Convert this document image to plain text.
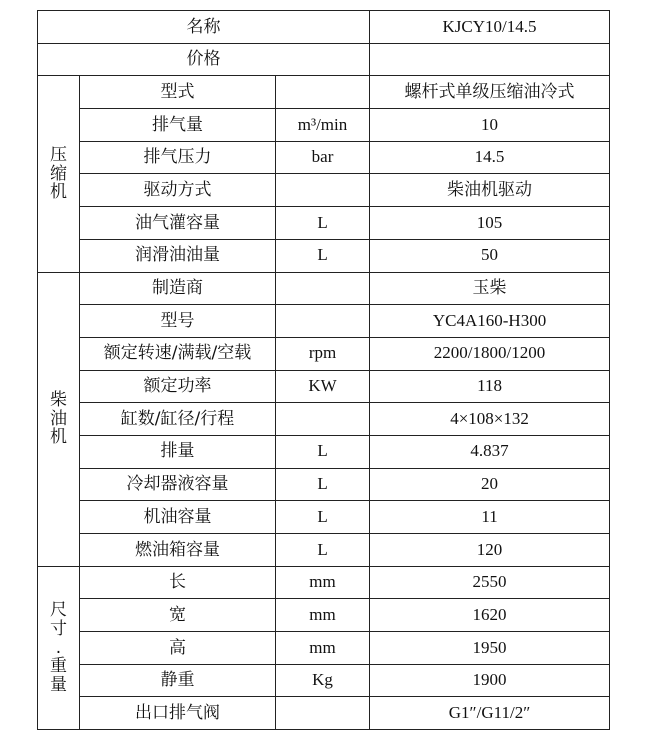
名称			KJCY10/14.5
价格			

压
缩
机	型式		螺杆式单级压缩油冷式
	排气量	m³/min	10
	排气压力	bar	14.5
	驱动方式		柴油机驱动
	油气灌容量	L	105
	润滑油油量	L	50

柴
油
机	制造商		玉柴
	型号		YC4A160-H300
	额定转速/满载/空载	rpm	2200/1800/1200
	额定功率	KW	118
	缸数/缸径/行程		4×108×132
	排量	L	4.837
	冷却器液容量	L	20
	机油容量	L	11
	燃油箱容量	L	120

尺
寸
.
重
量	长	mm	2550
	宽	mm	1620
	高	mm	1950
	静重	Kg	1900
	出口排气阀		G1″/G11/2″
